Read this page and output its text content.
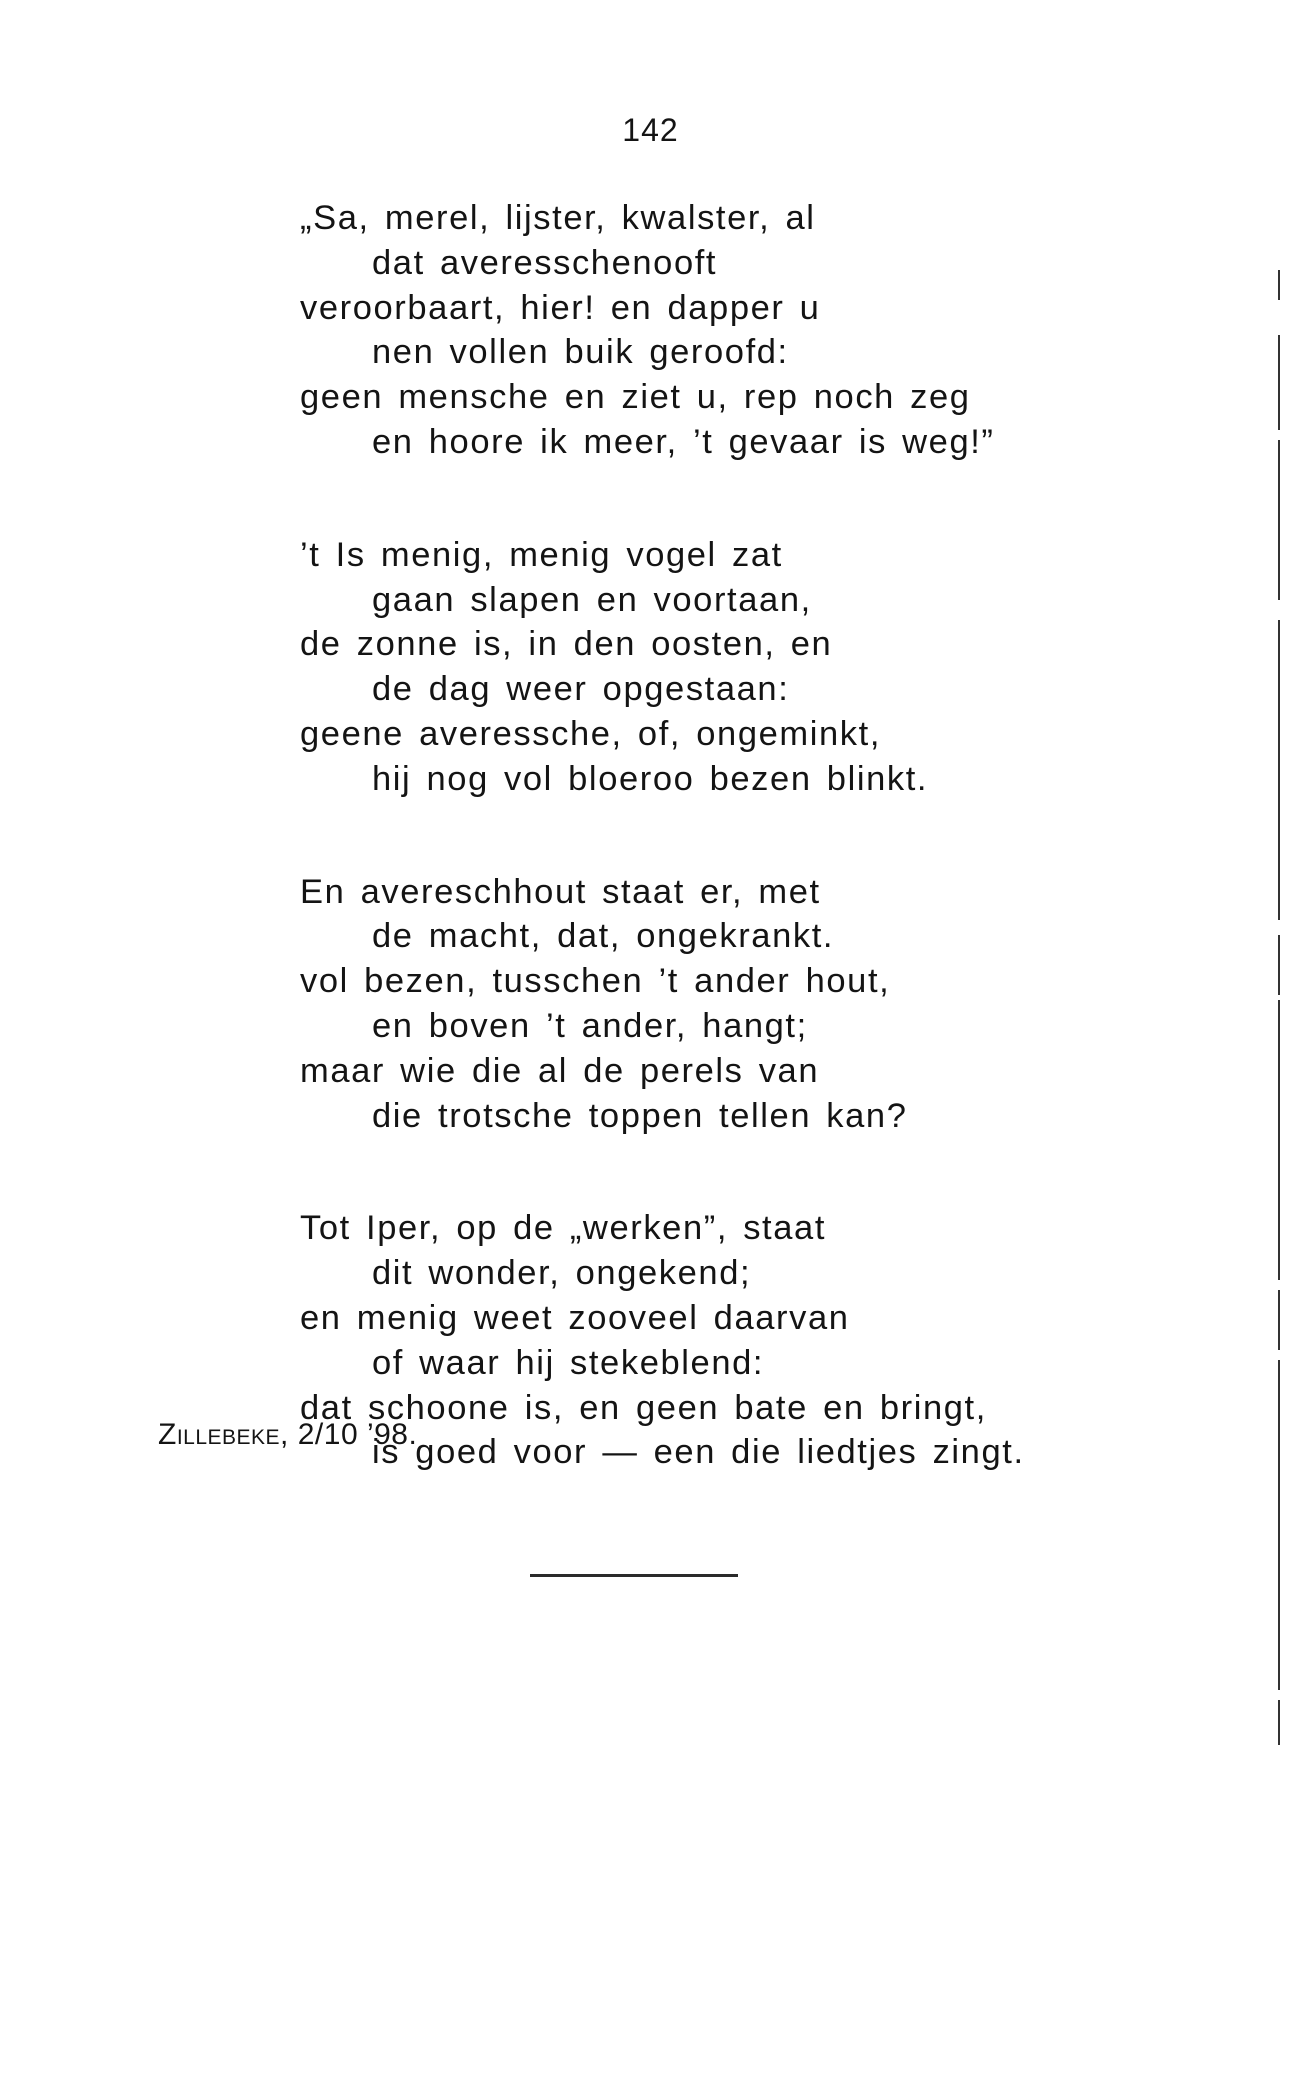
142
„Sa, merel, lijster, kwalster, al
dat averesschenooft
veroorbaart, hier! en dapper u
nen vollen buik geroofd:
geen mensche en ziet u, rep noch zeg
en hoore ik meer, ’t gevaar is weg!”
’t Is menig, menig vogel zat
gaan slapen en voortaan,
de zonne is, in den oosten, en
de dag weer opgestaan:
geene averessche, of, ongeminkt,
hij nog vol bloeroo bezen blinkt.
En avereschhout staat er, met
de macht, dat, ongekrankt.
vol bezen, tusschen ’t ander hout,
en boven ’t ander, hangt;
maar wie die al de perels van
die trotsche toppen tellen kan?
Tot Iper, op de „werken”, staat
dit wonder, ongekend;
en menig weet zooveel daarvan
of waar hij stekeblend:
dat schoone is, en geen bate en bringt,
is goed voor — een die liedtjes zingt.
Zillebeke, 2/10 ’98.
